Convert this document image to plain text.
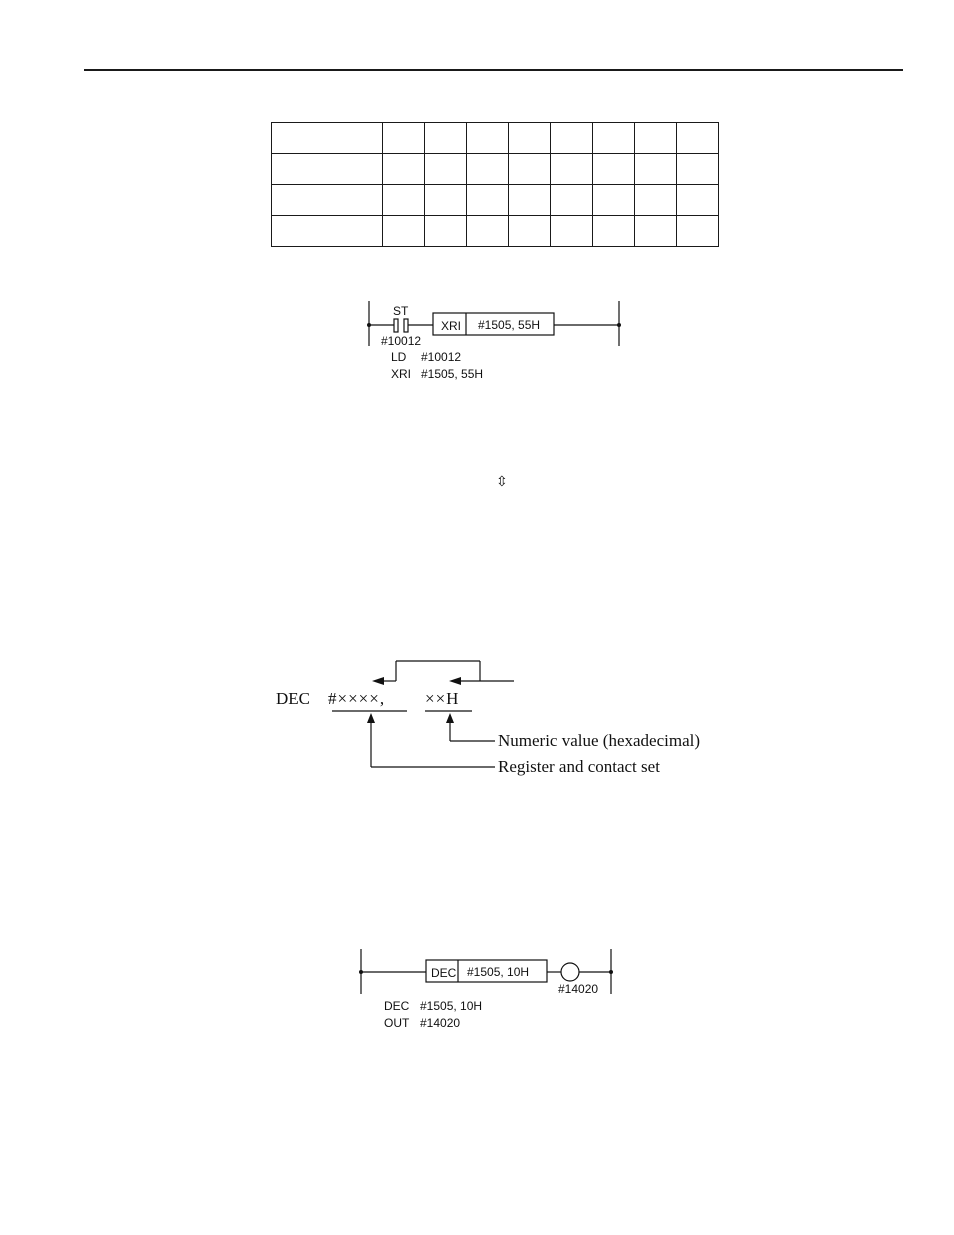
ST
XRI #1505, 55H
#10012
LD #10012
XRI #1505, 55H
⇳
DEC #××××, ××H
Numeric value (hexadecimal)
Register and contact set
DEC #1505, 10H
#14020
DEC #1505, 10H
OUT #14020
